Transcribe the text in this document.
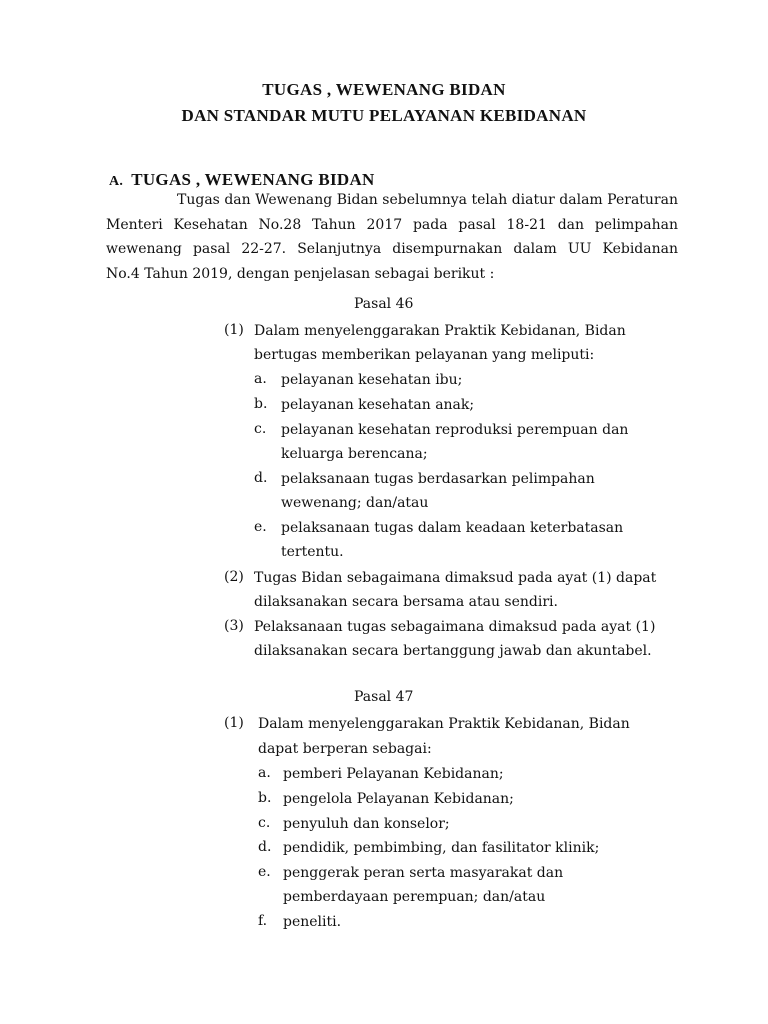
TUGAS , WEWENANG BIDAN
DAN STANDAR MUTU PELAYANAN KEBIDANAN
A. TUGAS , WEWENANG BIDAN
Tugas dan Wewenang Bidan sebelumnya telah diatur dalam Peraturan
Menteri Kesehatan No.28 Tahun 2017 pada pasal 18-21 dan pelimpahan
wewenang pasal 22-27. Selanjutnya disempurnakan dalam UU Kebidanan
No.4 Tahun 2019, dengan penjelasan sebagai berikut :
Pasal 46
(1) Dalam menyelenggarakan Praktik Kebidanan, Bidan
bertugas memberikan pelayanan yang meliputi:
a. pelayanan kesehatan ibu;
b. pelayanan kesehatan anak;
c. pelayanan kesehatan reproduksi perempuan dan
keluarga berencana;
d. pelaksanaan tugas berdasarkan pelimpahan
wewenang; dan/atau
e. pelaksanaan tugas dalam keadaan keterbatasan
tertentu.
(2) Tugas Bidan sebagaimana dimaksud pada ayat (1) dapat
dilaksanakan secara bersama atau sendiri.
(3) Pelaksanaan tugas sebagaimana dimaksud pada ayat (1)
dilaksanakan secara bertanggung jawab dan akuntabel.
Pasal 47
(1) Dalam menyelenggarakan Praktik Kebidanan, Bidan
dapat berperan sebagai:
a. pemberi Pelayanan Kebidanan;
b. pengelola Pelayanan Kebidanan;
c. penyuluh dan konselor;
d. pendidik, pembimbing, dan fasilitator klinik;
e. penggerak peran serta masyarakat dan
pemberdayaan perempuan; dan/atau
f. peneliti.
